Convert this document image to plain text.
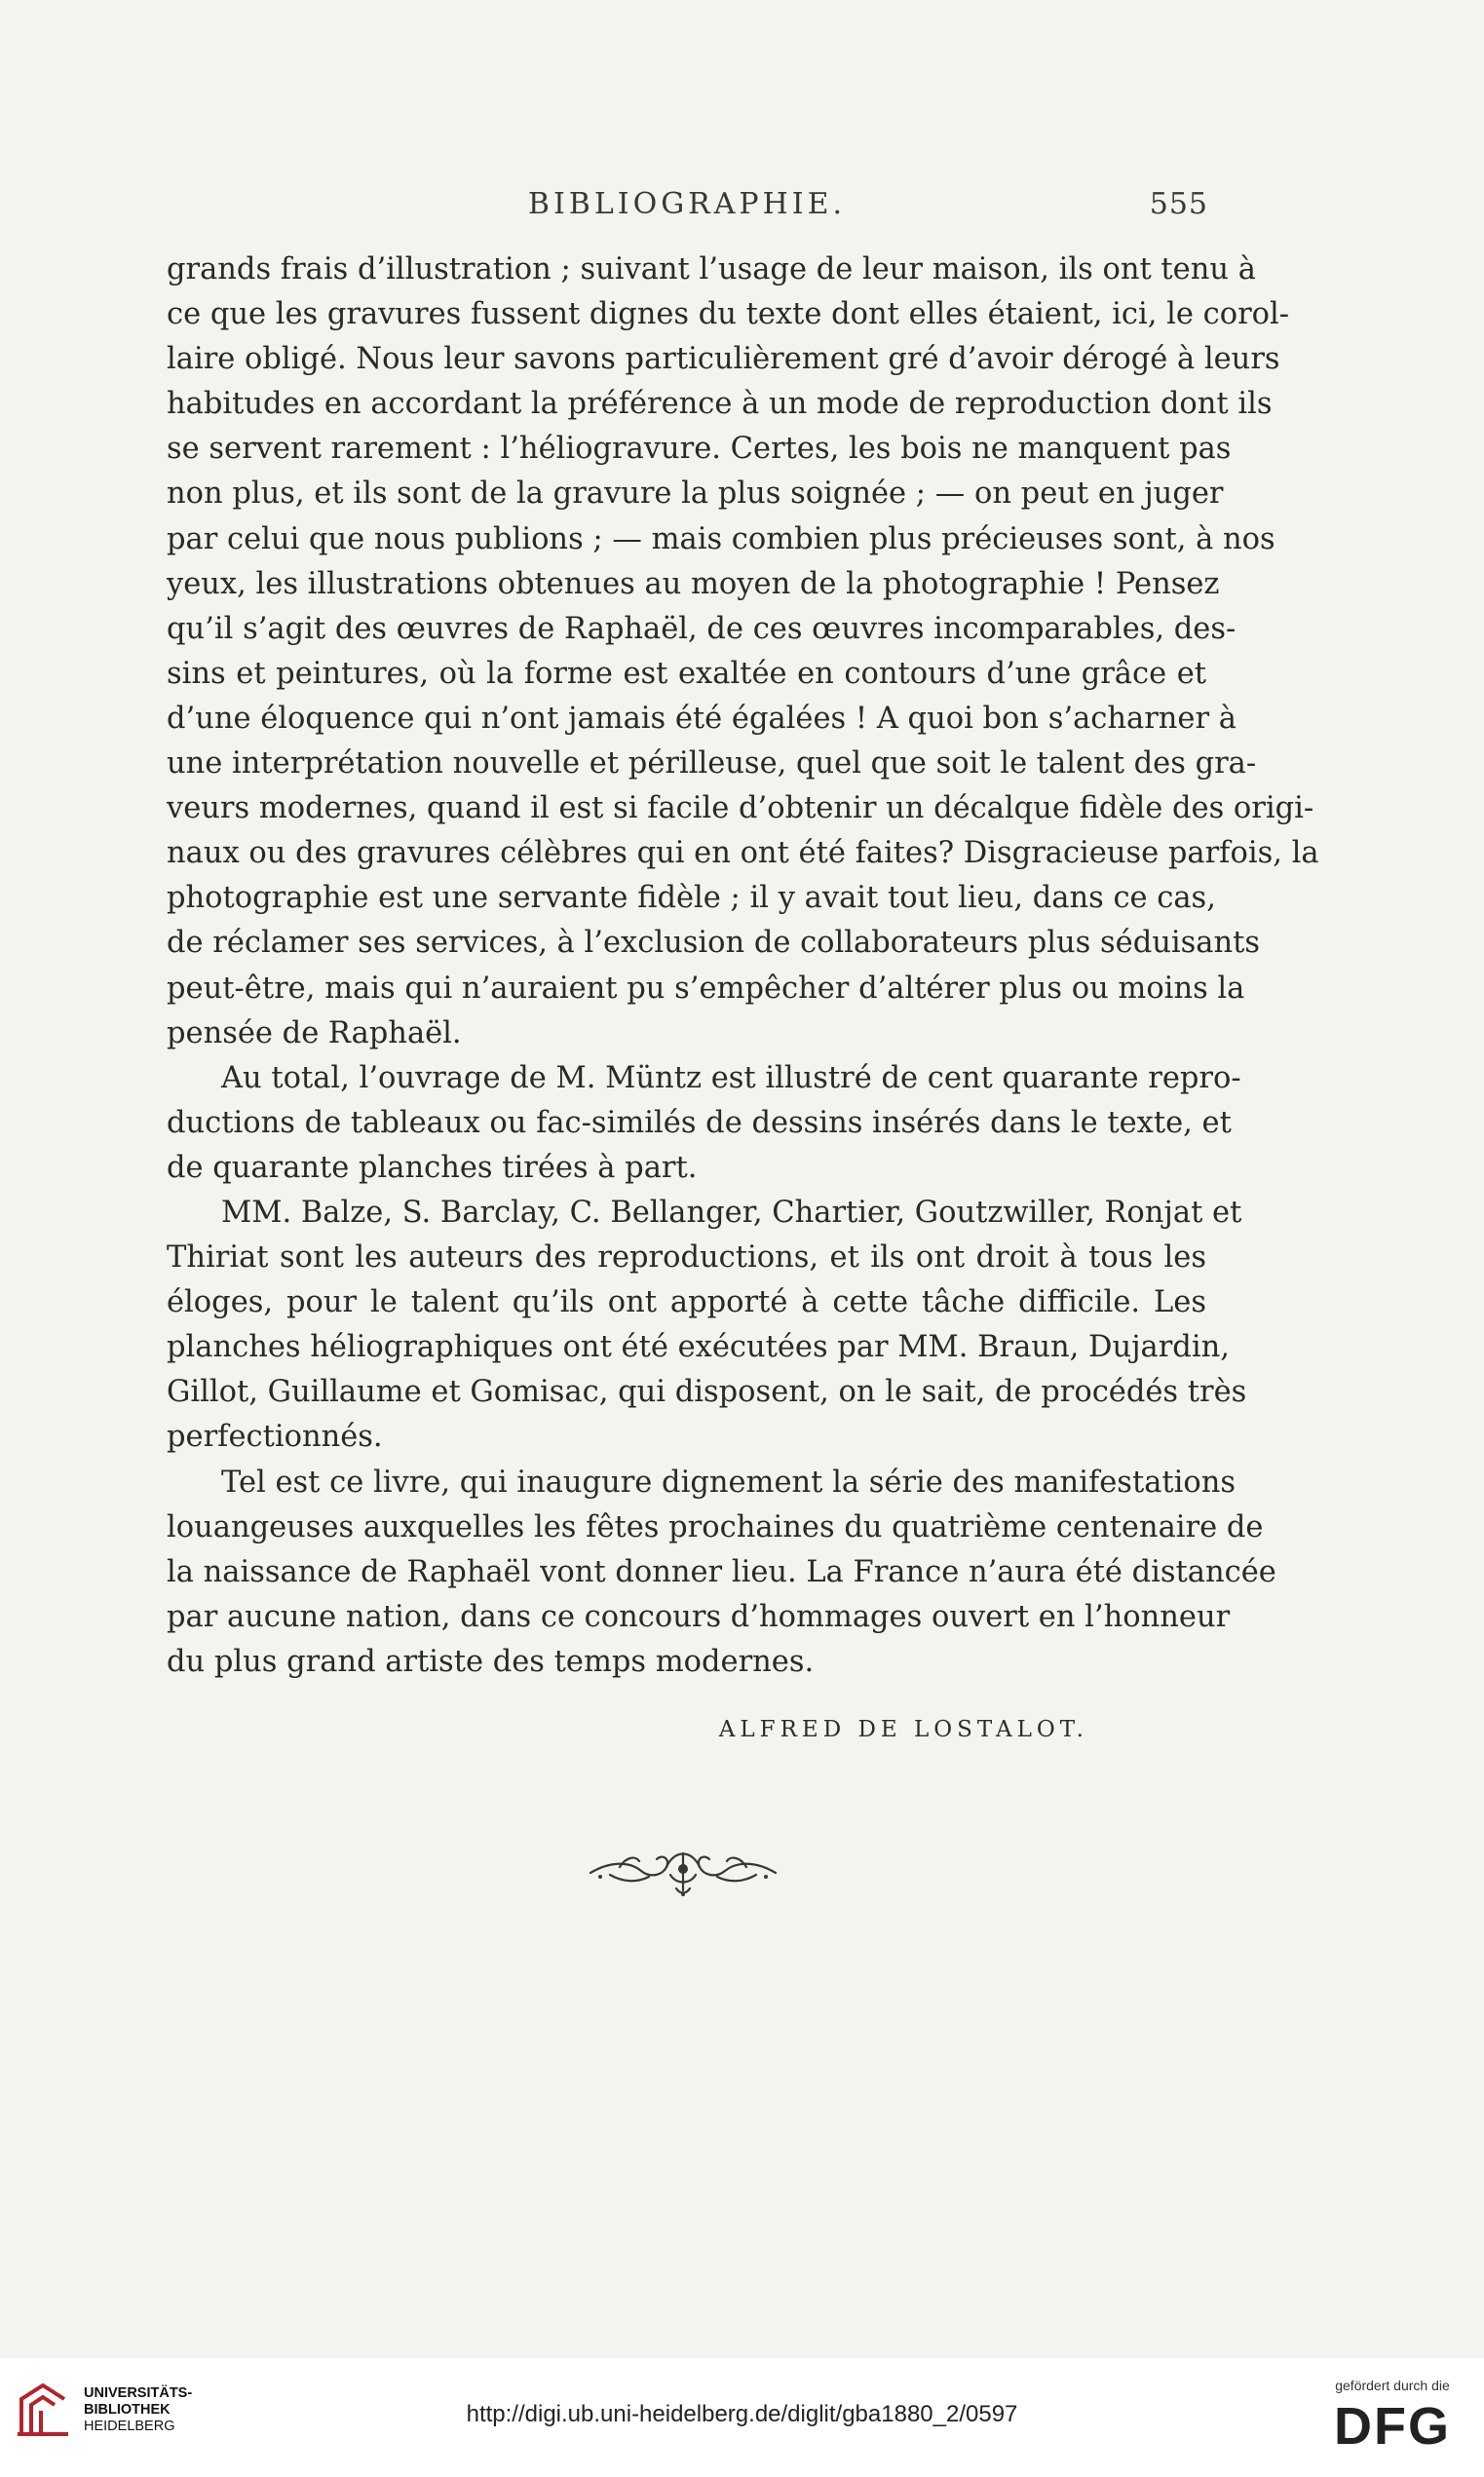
BIBLIOGRAPHIE.	555
grands frais d’illustration ; suivant l’usage de leur maison, ils ont tenu à
ce que les gravures fussent dignes du texte dont elles étaient, ici, le corol-
laire obligé. Nous leur savons particulièrement gré d’avoir dérogé à leurs
habitudes en accordant la préférence à un mode de reproduction dont ils
se servent rarement : l’héliogravure. Certes, les bois ne manquent pas
non plus, et ils sont de la gravure la plus soignée ; — on peut en juger
par celui que nous publions ; — mais combien plus précieuses sont, à nos
yeux, les illustrations obtenues au moyen de la photographie ! Pensez
qu’il s’agit des œuvres de Raphaël, de ces œuvres incomparables, des-
sins et peintures, où la forme est exaltée en contours d’une grâce et
d’une éloquence qui n’ont jamais été égalées ! A quoi bon s’acharner à
une interprétation nouvelle et périlleuse, quel que soit le talent des gra-
veurs modernes, quand il est si facile d’obtenir un décalque fidèle des origi-
naux ou des gravures célèbres qui en ont été faites? Disgracieuse parfois, la
photographie est une servante fidèle ; il y avait tout lieu, dans ce cas,
de réclamer ses services, à l’exclusion de collaborateurs plus séduisants
peut-être, mais qui n’auraient pu s’empêcher d’altérer plus ou moins la
pensée de Raphaël.
Au total, l’ouvrage de M. Müntz est illustré de cent quarante repro-
ductions de tableaux ou fac-similés de dessins insérés dans le texte, et
de quarante planches tirées à part.
MM. Balze, S. Barclay, C. Bellanger, Chartier, Goutzwiller, Ronjat et
Thiriat sont les auteurs des reproductions, et ils ont droit à tous les
éloges, pour le talent qu’ils ont apporté à cette tâche difficile. Les
planches héliographiques ont été exécutées par MM. Braun, Dujardin,
Gillot, Guillaume et Gomisac, qui disposent, on le sait, de procédés très
perfectionnés.
Tel est ce livre, qui inaugure dignement la série des manifestations
louangeuses auxquelles les fêtes prochaines du quatrième centenaire de
la naissance de Raphaël vont donner lieu. La France n’aura été distancée
par aucune nation, dans ce concours d’hommages ouvert en l’honneur
du plus grand artiste des temps modernes.
ALFRED DE LOSTALOT.
UNIVERSITÄTS-
BIBLIOTHEK
HEIDELBERG	http://digi.ub.uni-heidelberg.de/diglit/gba1880_2/0597
gefördert durch die
DFG
